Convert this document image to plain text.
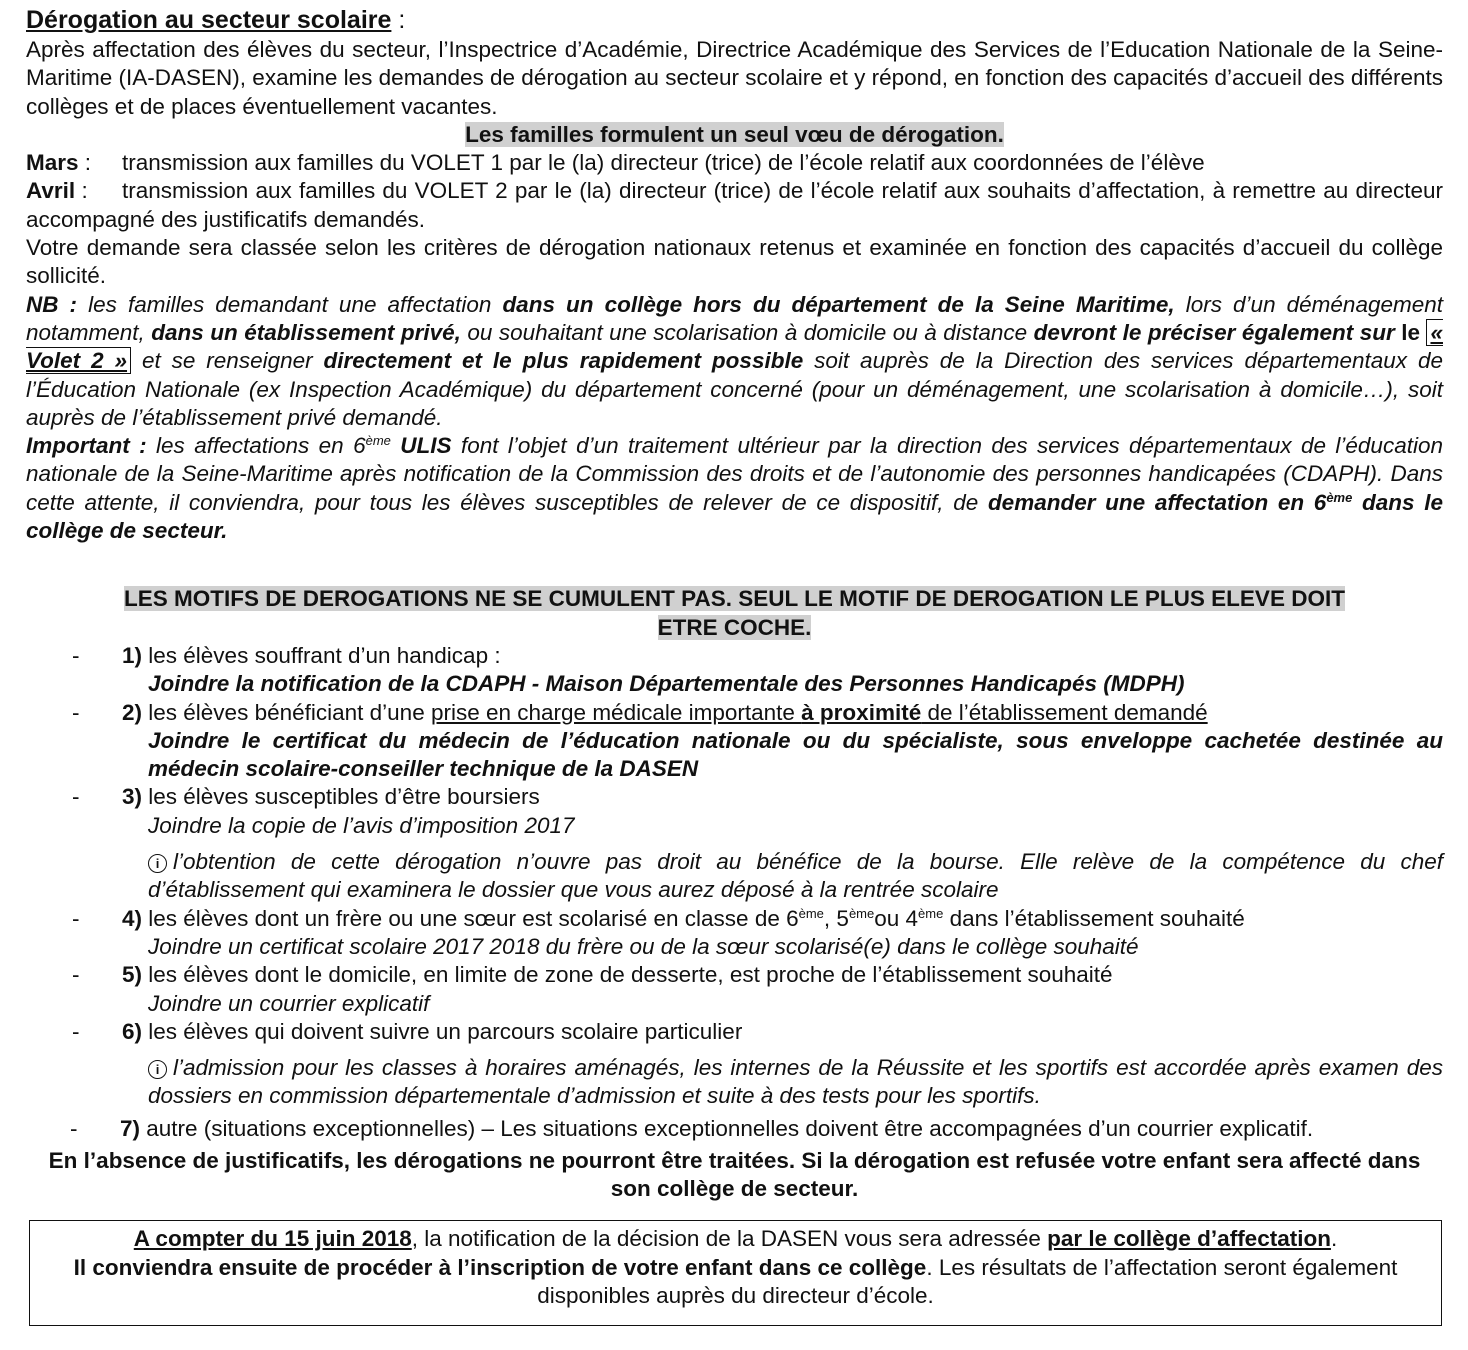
Dérogation au secteur scolaire :
Après affectation des élèves du secteur, l’Inspectrice d’Académie, Directrice Académique des Services de l’Education Nationale de la Seine-Maritime (IA-DASEN), examine les demandes de dérogation au secteur scolaire et y répond, en fonction des capacités d’accueil des différents collèges et de places éventuellement vacantes.
Les familles formulent un seul vœu de dérogation.
Mars : transmission aux familles du VOLET 1 par le (la) directeur (trice) de l’école relatif aux coordonnées de l’élève
Avril : transmission aux familles du VOLET 2 par le (la) directeur (trice) de l’école relatif aux souhaits d’affectation, à remettre au directeur accompagné des justificatifs demandés.
Votre demande sera classée selon les critères de dérogation nationaux retenus et examinée en fonction des capacités d’accueil du collège sollicité.
NB : les familles demandant une affectation dans un collège hors du département de la Seine Maritime, lors d’un déménagement notamment, dans un établissement privé, ou souhaitant une scolarisation à domicile ou à distance devront le préciser également sur le « Volet 2 » et se renseigner directement et le plus rapidement possible soit auprès de la Direction des services départementaux de l’Éducation Nationale (ex Inspection Académique) du département concerné (pour un déménagement, une scolarisation à domicile…), soit auprès de l’établissement privé demandé.
Important : les affectations en 6ème ULIS font l’objet d’un traitement ultérieur par la direction des services départementaux de l’éducation nationale de la Seine-Maritime après notification de la Commission des droits et de l’autonomie des personnes handicapées (CDAPH). Dans cette attente, il conviendra, pour tous les élèves susceptibles de relever de ce dispositif, de demander une affectation en 6ème dans le collège de secteur.
LES MOTIFS DE DEROGATIONS NE SE CUMULENT PAS. SEUL LE MOTIF DE DEROGATION LE PLUS ELEVE DOIT
ETRE COCHE.
-	1) les élèves souffrant d’un handicap :
Joindre la notification de la CDAPH - Maison Départementale des Personnes Handicapés (MDPH)
-	2) les élèves bénéficiant d’une prise en charge médicale importante à proximité de l’établissement demandé
Joindre le certificat du médecin de l’éducation nationale ou du spécialiste, sous enveloppe cachetée destinée au médecin scolaire-conseiller technique de la DASEN
-	3) les élèves susceptibles d’être boursiers
Joindre la copie de l’avis d’imposition 2017
i l’obtention de cette dérogation n’ouvre pas droit au bénéfice de la bourse. Elle relève de la compétence du chef d’établissement qui examinera le dossier que vous aurez déposé à la rentrée scolaire
-	4) les élèves dont un frère ou une sœur est scolarisé en classe de 6ème, 5èmeou 4ème dans l’établissement souhaité
Joindre un certificat scolaire 2017 2018 du frère ou de la sœur scolarisé(e) dans le collège souhaité
-	5) les élèves dont le domicile, en limite de zone de desserte, est proche de l’établissement souhaité
Joindre un courrier explicatif
-	6) les élèves qui doivent suivre un parcours scolaire particulier
i l’admission pour les classes à horaires aménagés, les internes de la Réussite et les sportifs est accordée après examen des dossiers en commission départementale d’admission et suite à des tests pour les sportifs.
-	7) autre (situations exceptionnelles) – Les situations exceptionnelles doivent être accompagnées d’un courrier explicatif.
En l’absence de justificatifs, les dérogations ne pourront être traitées. Si la dérogation est refusée votre enfant sera affecté dans son collège de secteur.
A compter du 15 juin 2018, la notification de la décision de la DASEN vous sera adressée par le collège d’affectation.
Il conviendra ensuite de procéder à l’inscription de votre enfant dans ce collège. Les résultats de l’affectation seront également disponibles auprès du directeur d’école.
